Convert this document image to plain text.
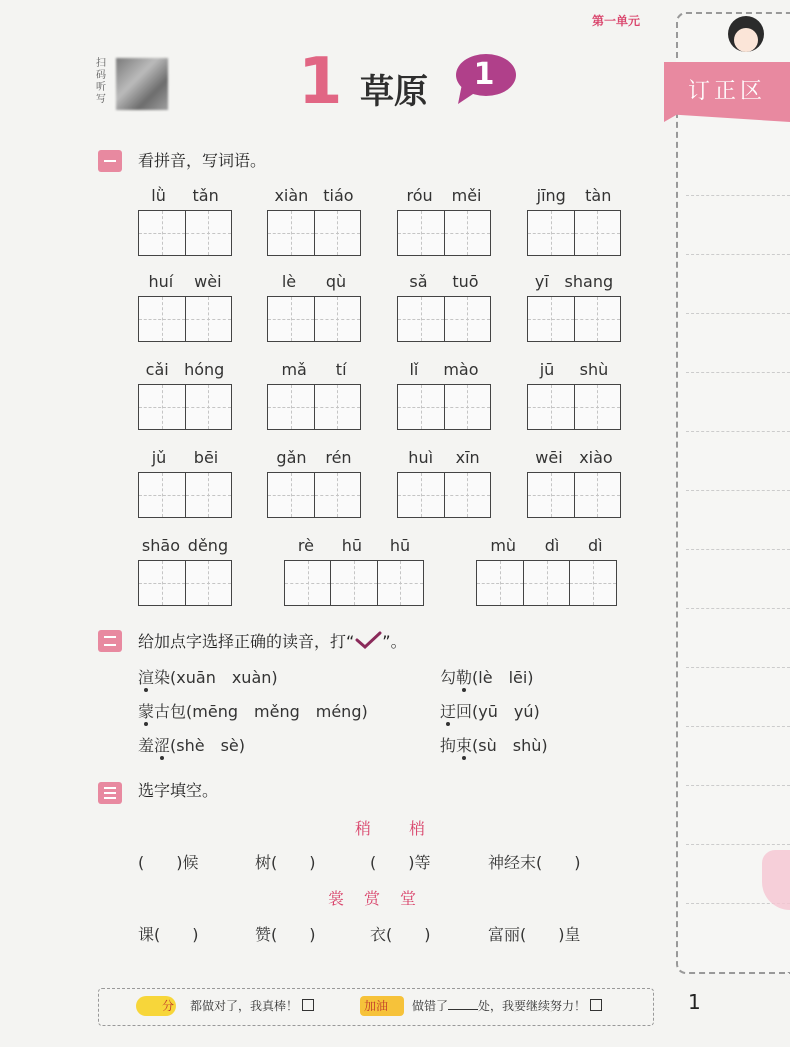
第一单元
扫码听写	1 草原	1
看拼音，写词语。
lǜ tǎn	xiàn tiáo	róu měi	jīng tàn
huí wèi	lè qù	sǎ tuō	yī shang
cǎi hóng	mǎ tí	lǐ mào	jū shù
jǔ bēi	gǎn rén	huì xīn	wēi xiào
shāo děng	rè hū hū	mù dì dì
给加点字选择正确的读音，打“ ”。
渲染(xuān　xuàn)	勾勒(lè　lēi)
蒙古包(mēng　měng　méng)	迂回(yū　yú)
羞涩(shè　sè)	拘束(sù　shù)
选字填空。
稍　　梢
(　　)候	树(　　)	(　　)等	神经末(　　)
裳　赏　堂
课(　　)	赞(　　)	衣(　　)	富丽(　　)皇
分 都做对了，我真棒！	加油 做错了	处，我要继续努力！	1
订正区
